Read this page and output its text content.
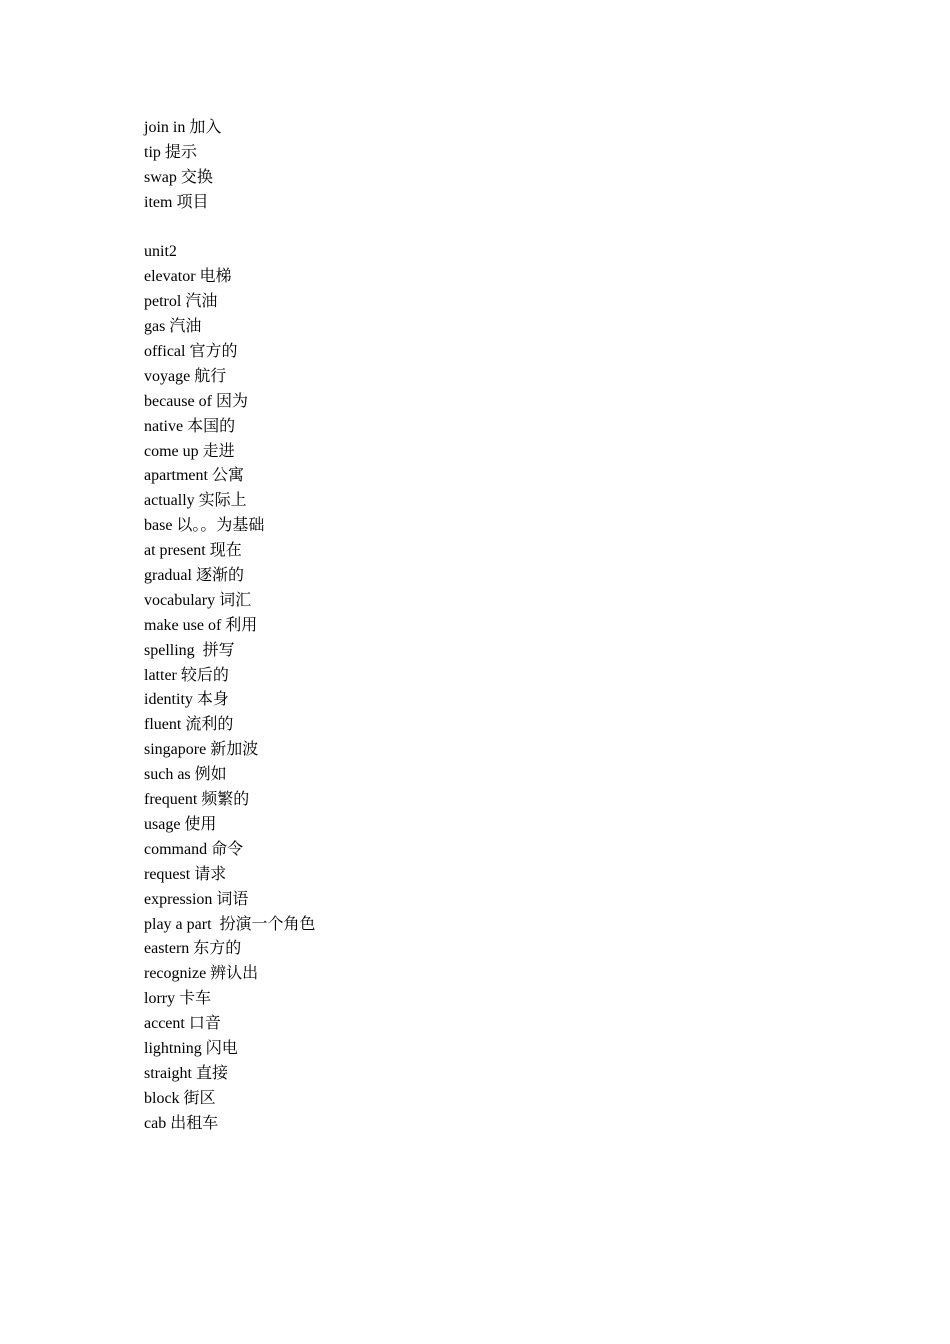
join in 加入
tip 提示
swap 交换
item 项目
unit2
elevator 电梯
petrol 汽油
gas 汽油
offical 官方的
voyage 航行
because of 因为
native 本国的
come up 走进
apartment 公寓
actually 实际上
base 以。。为基础
at present 现在
gradual 逐渐的
vocabulary 词汇
make use of 利用
spelling  拼写
latter 较后的
identity 本身
fluent 流利的
singapore 新加波
such as 例如
frequent 频繁的
usage 使用
command 命令
request 请求
expression 词语
play a part  扮演一个角色
eastern 东方的
recognize 辨认出
lorry 卡车
accent 口音
lightning 闪电
straight 直接
block 街区
cab 出租车
